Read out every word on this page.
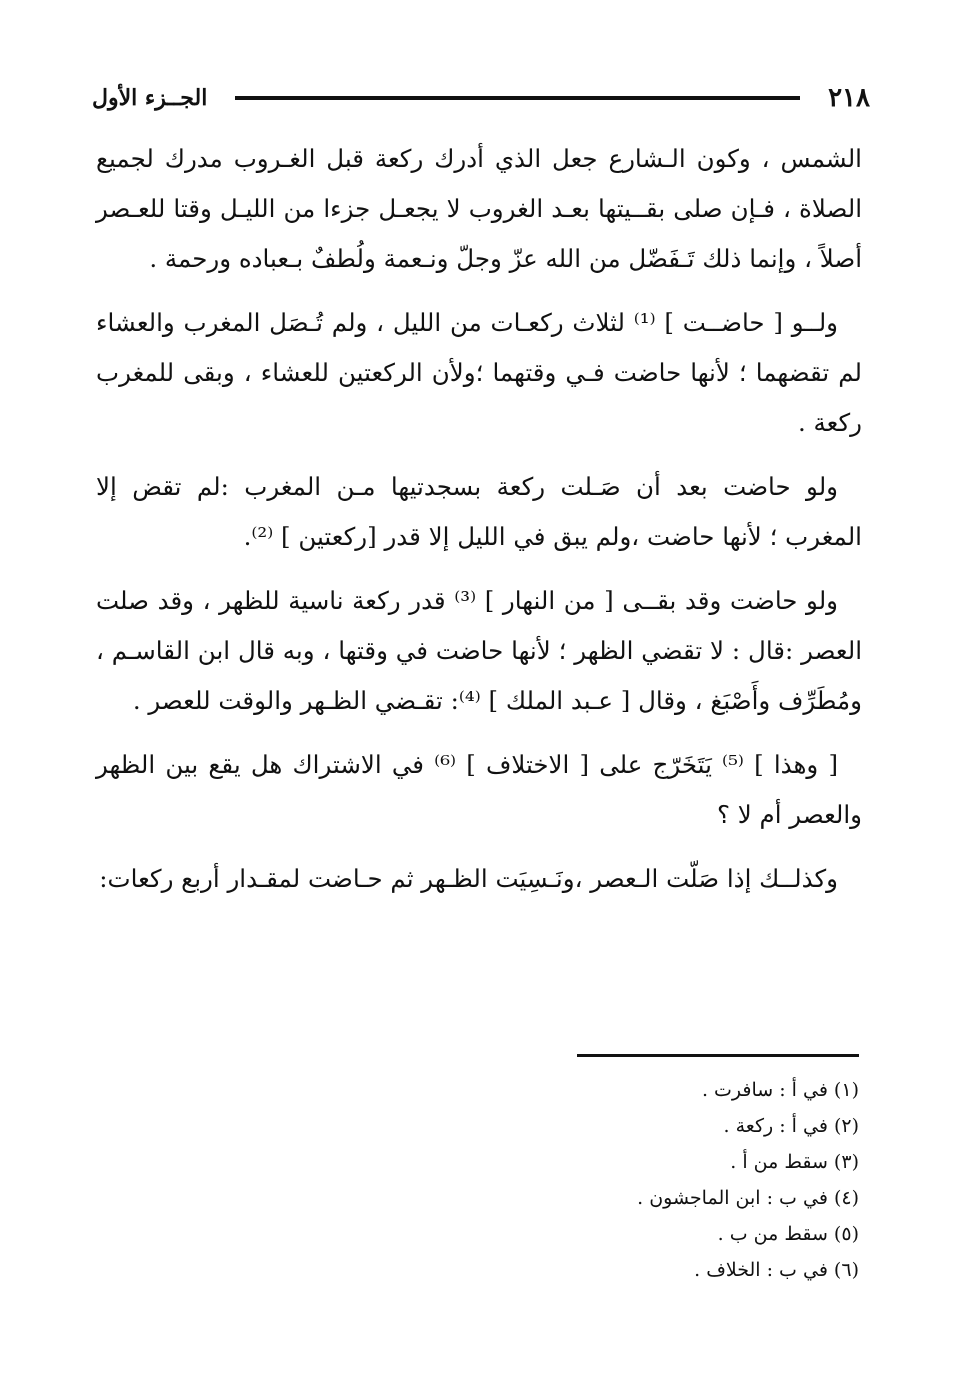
٢١٨
الجــزء الأول

الشمس ، وكون الـشارع جعل الذي أدرك ركعة قبل الغـروب مدرك لجميع الصلاة ، فـإن صلى بقــيتها بعـد الغروب لا يجعـل جزءا من الليـل وقتا للعـصر أصلاً ، وإنما ذلك تَـفَضّل من الله عزّ وجلّ ونـعمة ولُطفٌ بـعباده ورحمة .

ولــو [ حاضــت ] ⁽¹⁾ لثلاث ركعـات من الليل ، ولم تُـصَل المغرب والعشاء لم تقضهما ؛ لأنها حاضت فـي وقتهما ؛ولأن الركعتين للعشاء ، وبقى للمغرب ركعة .

ولو حاضت بعد أن صَـلت ركعة بسجدتيها مـن المغرب :لم تقض إلا المغرب ؛ لأنها حاضت ،ولم يبق في الليل إلا قدر [ركعتين ] ⁽²⁾.

ولو حاضت وقد بقــى [ من النهار ] ⁽³⁾ قدر ركعة ناسية للظهر ، وقد صلت العصر :قال : لا تقضي الظهر ؛ لأنها حاضت في وقتها ، وبه قال ابن القاسـم ، ومُطَرِّف وأَصْبَغ ، وقال [ عـبد الملك ] ⁽⁴⁾: تقـضي الظـهر والوقت للعصر .

[ وهذا ] ⁽⁵⁾ يَتَخَرّج على [ الاختلاف ] ⁽⁶⁾ في الاشتراك هل يقع بين الظهر والعصر أم لا ؟

وكذلــك إذا صَلّت الـعصر ،ونَـسِيَت الظـهر ثم حـاضت لمقـدار أربع ركعات:

(١) في أ : سافرت .
(٢) في أ : ركعة .
(٣) سقط من أ .
(٤) في ب : ابن الماجشون .
(٥) سقط من ب .
(٦) في ب : الخلاف .
